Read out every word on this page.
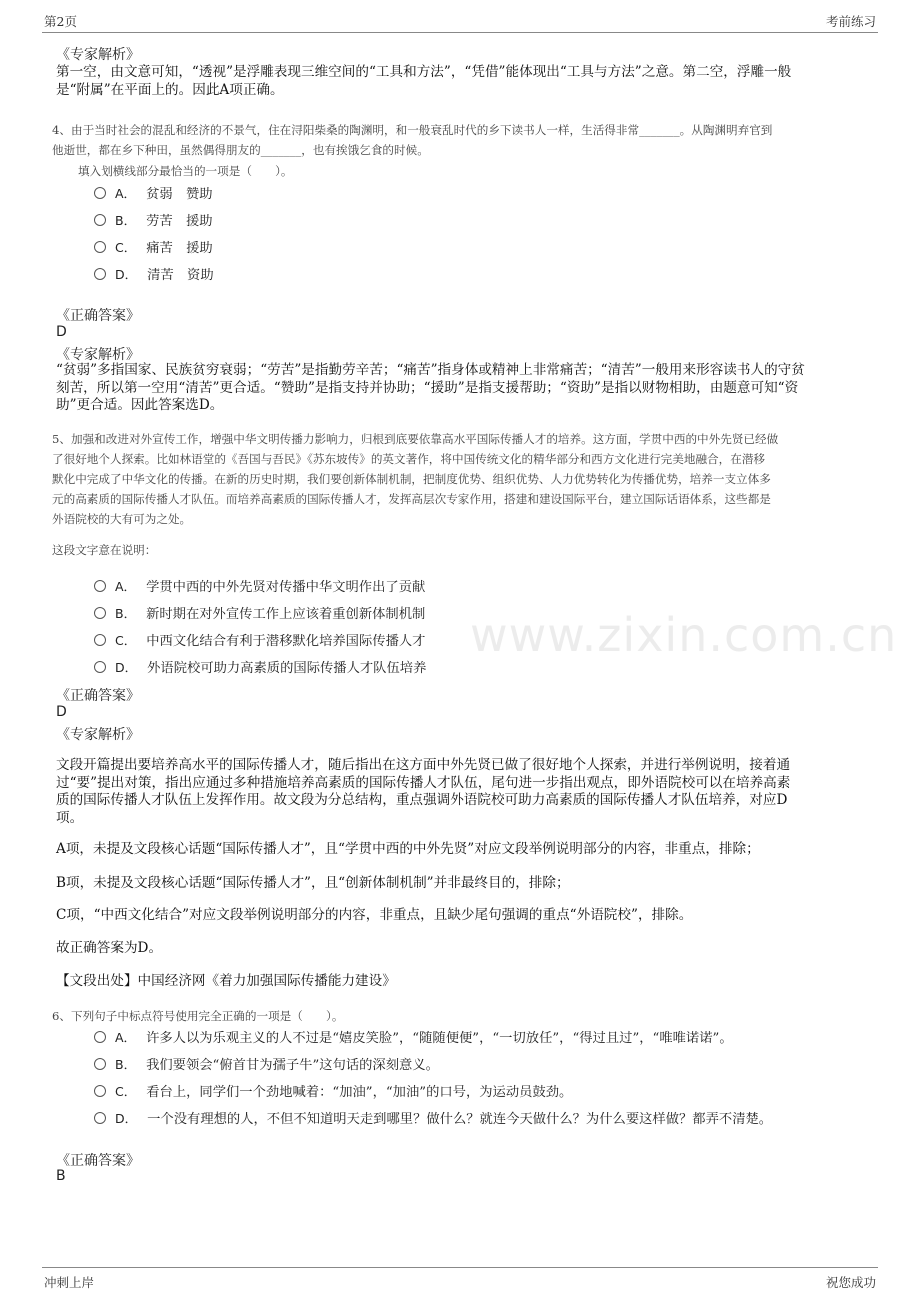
第2页	考前练习
www.zixin.com.cn
《专家解析》
第一空，由文意可知，“透视”是浮雕表现三维空间的“工具和方法”，“凭借”能体现出“工具与方法”之意。第二空，浮雕一般
是“附属”在平面上的。因此A项正确。
4、由于当时社会的混乱和经济的不景气，住在浔阳柴桑的陶渊明，和一般衰乱时代的乡下读书人一样，生活得非常_______。从陶渊明弃官到
他逝世，都在乡下种田，虽然偶得朋友的_______，也有挨饿乞食的时候。
填入划横线部分最恰当的一项是（　　）。
A． 贫弱　赞助
B． 劳苦　援助
C． 痛苦　援助
D． 清苦　资助
《正确答案》
D
《专家解析》
“贫弱”多指国家、民族贫穷衰弱；“劳苦”是指勤劳辛苦；“痛苦”指身体或精神上非常痛苦；“清苦”一般用来形容读书人的守贫
刻苦，所以第一空用“清苦”更合适。“赞助”是指支持并协助；“援助”是指支援帮助；“资助”是指以财物相助，由题意可知“资
助”更合适。因此答案选D。
5、加强和改进对外宣传工作，增强中华文明传播力影响力，归根到底要依靠高水平国际传播人才的培养。这方面，学贯中西的中外先贤已经做
了很好地个人探索。比如林语堂的《吾国与吾民》《苏东坡传》的英文著作，将中国传统文化的精华部分和西方文化进行完美地融合，在潜移
默化中完成了中华文化的传播。在新的历史时期，我们要创新体制机制，把制度优势、组织优势、人力优势转化为传播优势，培养一支立体多
元的高素质的国际传播人才队伍。而培养高素质的国际传播人才，发挥高层次专家作用，搭建和建设国际平台，建立国际话语体系，这些都是
外语院校的大有可为之处。
这段文字意在说明：
A． 学贯中西的中外先贤对传播中华文明作出了贡献
B． 新时期在对外宣传工作上应该着重创新体制机制
C． 中西文化结合有利于潜移默化培养国际传播人才
D． 外语院校可助力高素质的国际传播人才队伍培养
《正确答案》
D
《专家解析》
文段开篇提出要培养高水平的国际传播人才，随后指出在这方面中外先贤已做了很好地个人探索，并进行举例说明，接着通
过“要”提出对策，指出应通过多种措施培养高素质的国际传播人才队伍，尾句进一步指出观点，即外语院校可以在培养高素
质的国际传播人才队伍上发挥作用。故文段为分总结构，重点强调外语院校可助力高素质的国际传播人才队伍培养，对应D
项。
A项，未提及文段核心话题“国际传播人才”，且“学贯中西的中外先贤”对应文段举例说明部分的内容，非重点，排除；
B项，未提及文段核心话题“国际传播人才”，且“创新体制机制”并非最终目的，排除；
C项，“中西文化结合”对应文段举例说明部分的内容，非重点，且缺少尾句强调的重点“外语院校”，排除。
故正确答案为D。
【文段出处】中国经济网《着力加强国际传播能力建设》
6、下列句子中标点符号使用完全正确的一项是（　　）。
A． 许多人以为乐观主义的人不过是“嬉皮笑脸”，“随随便便”，“一切放任”，“得过且过”，“唯唯诺诺”。
B． 我们要领会“俯首甘为孺子牛”这句话的深刻意义。
C． 看台上，同学们一个劲地喊着：“加油”，“加油”的口号，为运动员鼓劲。
D． 一个没有理想的人，不但不知道明天走到哪里？做什么？就连今天做什么？为什么要这样做？都弄不清楚。
《正确答案》
B
冲刺上岸	祝您成功
